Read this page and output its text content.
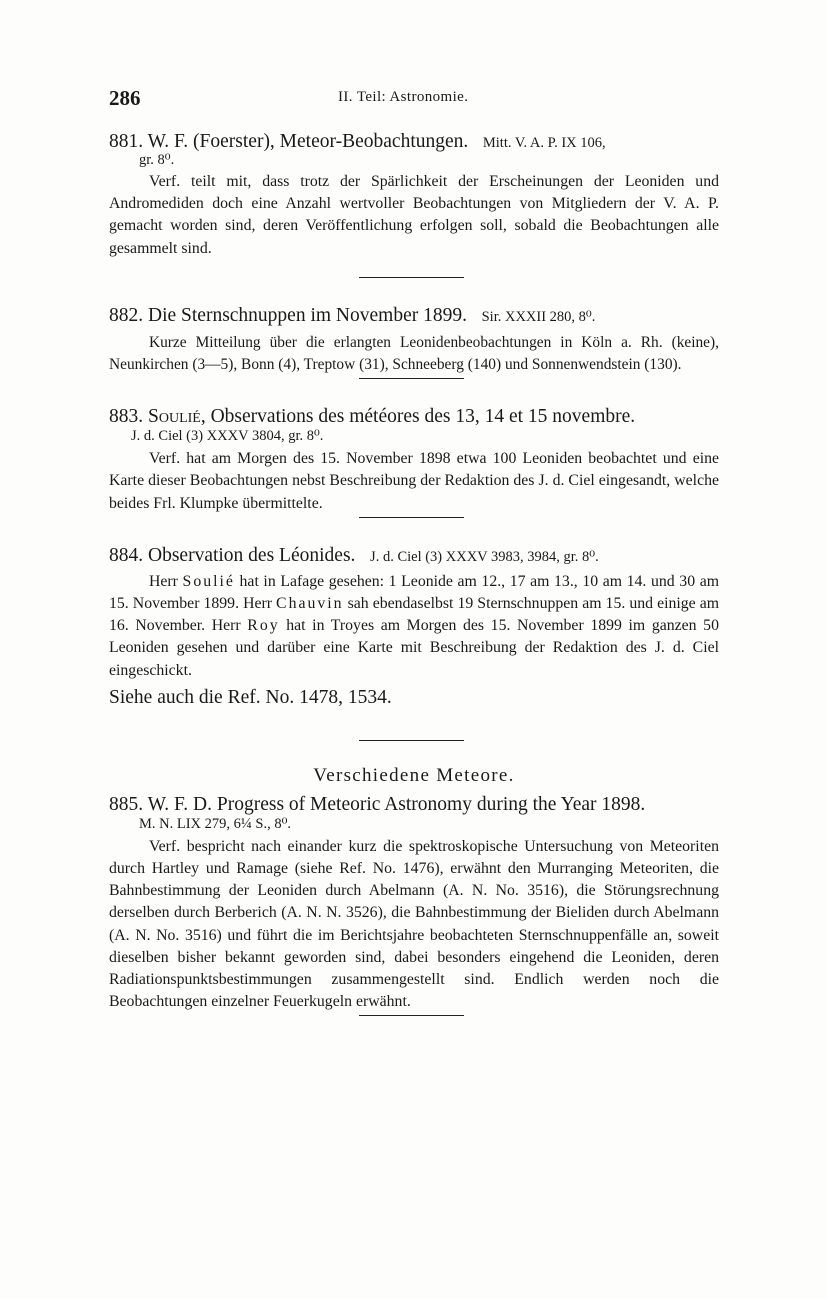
286	II. Teil: Astronomie.

881. W. F. (Foerster), Meteor-Beobachtungen. Mitt. V. A. P. IX 106,

gr. 8⁰.

Verf. teilt mit, dass trotz der Spärlichkeit der Erscheinungen der Leoniden und Andromediden doch eine Anzahl wertvoller Beobachtungen von Mitgliedern der V. A. P. gemacht worden sind, deren Veröffentlichung erfolgen soll, sobald die Beobachtungen alle gesammelt sind.

882. Die Sternschnuppen im November 1899. Sir. XXXII 280, 8⁰.

Kurze Mitteilung über die erlangten Leonidenbeobachtungen in Köln a. Rh. (keine), Neunkirchen (3—5), Bonn (4), Treptow (31), Schneeberg (140) und Sonnenwendstein (130).

883. Soulié, Observations des météores des 13, 14 et 15 novembre.

J. d. Ciel (3) XXXV 3804, gr. 8⁰.

Verf. hat am Morgen des 15. November 1898 etwa 100 Leoniden beobachtet und eine Karte dieser Beobachtungen nebst Beschreibung der Redaktion des J. d. Ciel eingesandt, welche beides Frl. Klumpke übermittelte.

884. Observation des Léonides. J. d. Ciel (3) XXXV 3983, 3984, gr. 8⁰.

Herr Soulié hat in Lafage gesehen: 1 Leonide am 12., 17 am 13., 10 am 14. und 30 am 15. November 1899. Herr Chauvin sah ebendaselbst 19 Sternschnuppen am 15. und einige am 16. November. Herr Roy hat in Troyes am Morgen des 15. November 1899 im ganzen 50 Leoniden gesehen und darüber eine Karte mit Beschreibung der Redaktion des J. d. Ciel eingeschickt.

Siehe auch die Ref. No. 1478, 1534.

Verschiedene Meteore.

885. W. F. D. Progress of Meteoric Astronomy during the Year 1898.

M. N. LIX 279, 6¼ S., 8⁰.

Verf. bespricht nach einander kurz die spektroskopische Untersuchung von Meteoriten durch Hartley und Ramage (siehe Ref. No. 1476), erwähnt den Murranging Meteoriten, die Bahnbestimmung der Leoniden durch Abelmann (A. N. No. 3516), die Störungsrechnung derselben durch Berberich (A. N. N. 3526), die Bahnbestimmung der Bieliden durch Abelmann (A. N. No. 3516) und führt die im Berichtsjahre beobachteten Sternschnuppenfälle an, soweit dieselben bisher bekannt geworden sind, dabei besonders eingehend die Leoniden, deren Radiationspunktsbestimmungen zusammengestellt sind. Endlich werden noch die Beobachtungen einzelner Feuerkugeln erwähnt.
